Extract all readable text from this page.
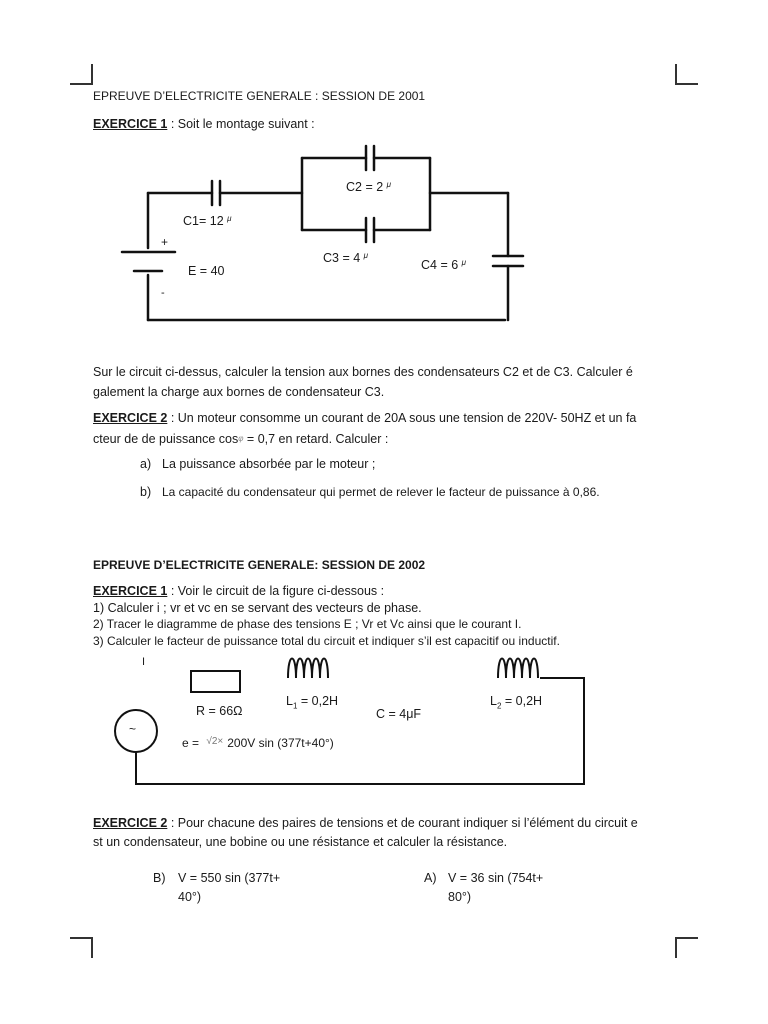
EPREUVE D’ELECTRICITE GENERALE : SESSION DE 2001
EXERCICE 1 : Soit le montage suivant :
C1= 12 $^\mu$
C2 = 2 $^\mu$
C3 = 4 $^\mu$
C4 = 6 $^\mu$
E = 40
+
-
Sur le circuit ci-dessus, calculer la tension aux bornes des condensateurs C2 et de C3. Calculer é
galement la charge aux bornes de condensateur C3.
EXERCICE 2 : Un moteur consomme un courant de 20A sous une tension de 220V- 50HZ et un fa
cteur de de puissance $\cos^\varphi = 0,7$ en retard. Calculer :
a) La puissance absorbée par le moteur ;
b) La capacité du condensateur qui permet de relever le facteur de puissance à 0,86.
EPREUVE D’ELECTRICITE GENERALE: SESSION DE 2002
EXERCICE 1 : Voir le circuit de la figure ci-dessous :
1) Calculer i ; vr et vc en se servant des vecteurs de phase.
2) Tracer le diagramme de phase des tensions E ; Vr et Vc ainsi que le courant I.
3) Calculer le facteur de puissance total du circuit et indiquer s’il est capacitif ou inductif.
I
~
R = 66Ω
$L_1 = 0,2H$
C = 4μF
$L_2 = 0,2H$
e = $^{√2\times}$ 200V sin (377t+40°)
EXERCICE 2 : Pour chacune des paires de tensions et de courant indiquer si l’élément du circuit e
st un condensateur, une bobine ou une résistance et calculer la résistance.
B) V = 550 sin (377t+
40°)
A) V = 36 sin (754t+
80°)
